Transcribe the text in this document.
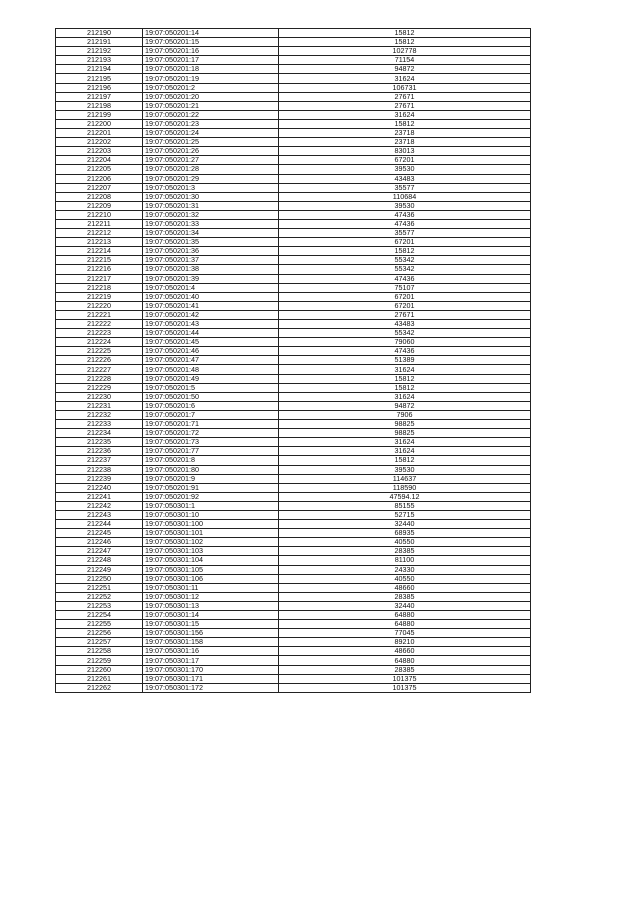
212190	19:07:050201:14	15812
212191	19:07:050201:15	15812
212192	19:07:050201:16	102778
212193	19:07:050201:17	71154
212194	19:07:050201:18	94872
212195	19:07:050201:19	31624
212196	19:07:050201:2	106731
212197	19:07:050201:20	27671
212198	19:07:050201:21	27671
212199	19:07:050201:22	31624
212200	19:07:050201:23	15812
212201	19:07:050201:24	23718
212202	19:07:050201:25	23718
212203	19:07:050201:26	83013
212204	19:07:050201:27	67201
212205	19:07:050201:28	39530
212206	19:07:050201:29	43483
212207	19:07:050201:3	35577
212208	19:07:050201:30	110684
212209	19:07:050201:31	39530
212210	19:07:050201:32	47436
212211	19:07:050201:33	47436
212212	19:07:050201:34	35577
212213	19:07:050201:35	67201
212214	19:07:050201:36	15812
212215	19:07:050201:37	55342
212216	19:07:050201:38	55342
212217	19:07:050201:39	47436
212218	19:07:050201:4	75107
212219	19:07:050201:40	67201
212220	19:07:050201:41	67201
212221	19:07:050201:42	27671
212222	19:07:050201:43	43483
212223	19:07:050201:44	55342
212224	19:07:050201:45	79060
212225	19:07:050201:46	47436
212226	19:07:050201:47	51389
212227	19:07:050201:48	31624
212228	19:07:050201:49	15812
212229	19:07:050201:5	15812
212230	19:07:050201:50	31624
212231	19:07:050201:6	94872
212232	19:07:050201:7	7906
212233	19:07:050201:71	98825
212234	19:07:050201:72	98825
212235	19:07:050201:73	31624
212236	19:07:050201:77	31624
212237	19:07:050201:8	15812
212238	19:07:050201:80	39530
212239	19:07:050201:9	114637
212240	19:07:050201:91	118590
212241	19:07:050201:92	47594.12
212242	19:07:050301:1	85155
212243	19:07:050301:10	52715
212244	19:07:050301:100	32440
212245	19:07:050301:101	68935
212246	19:07:050301:102	40550
212247	19:07:050301:103	28385
212248	19:07:050301:104	81100
212249	19:07:050301:105	24330
212250	19:07:050301:106	40550
212251	19:07:050301:11	48660
212252	19:07:050301:12	28385
212253	19:07:050301:13	32440
212254	19:07:050301:14	64880
212255	19:07:050301:15	64880
212256	19:07:050301:156	77045
212257	19:07:050301:158	89210
212258	19:07:050301:16	48660
212259	19:07:050301:17	64880
212260	19:07:050301:170	28385
212261	19:07:050301:171	101375
212262	19:07:050301:172	101375
